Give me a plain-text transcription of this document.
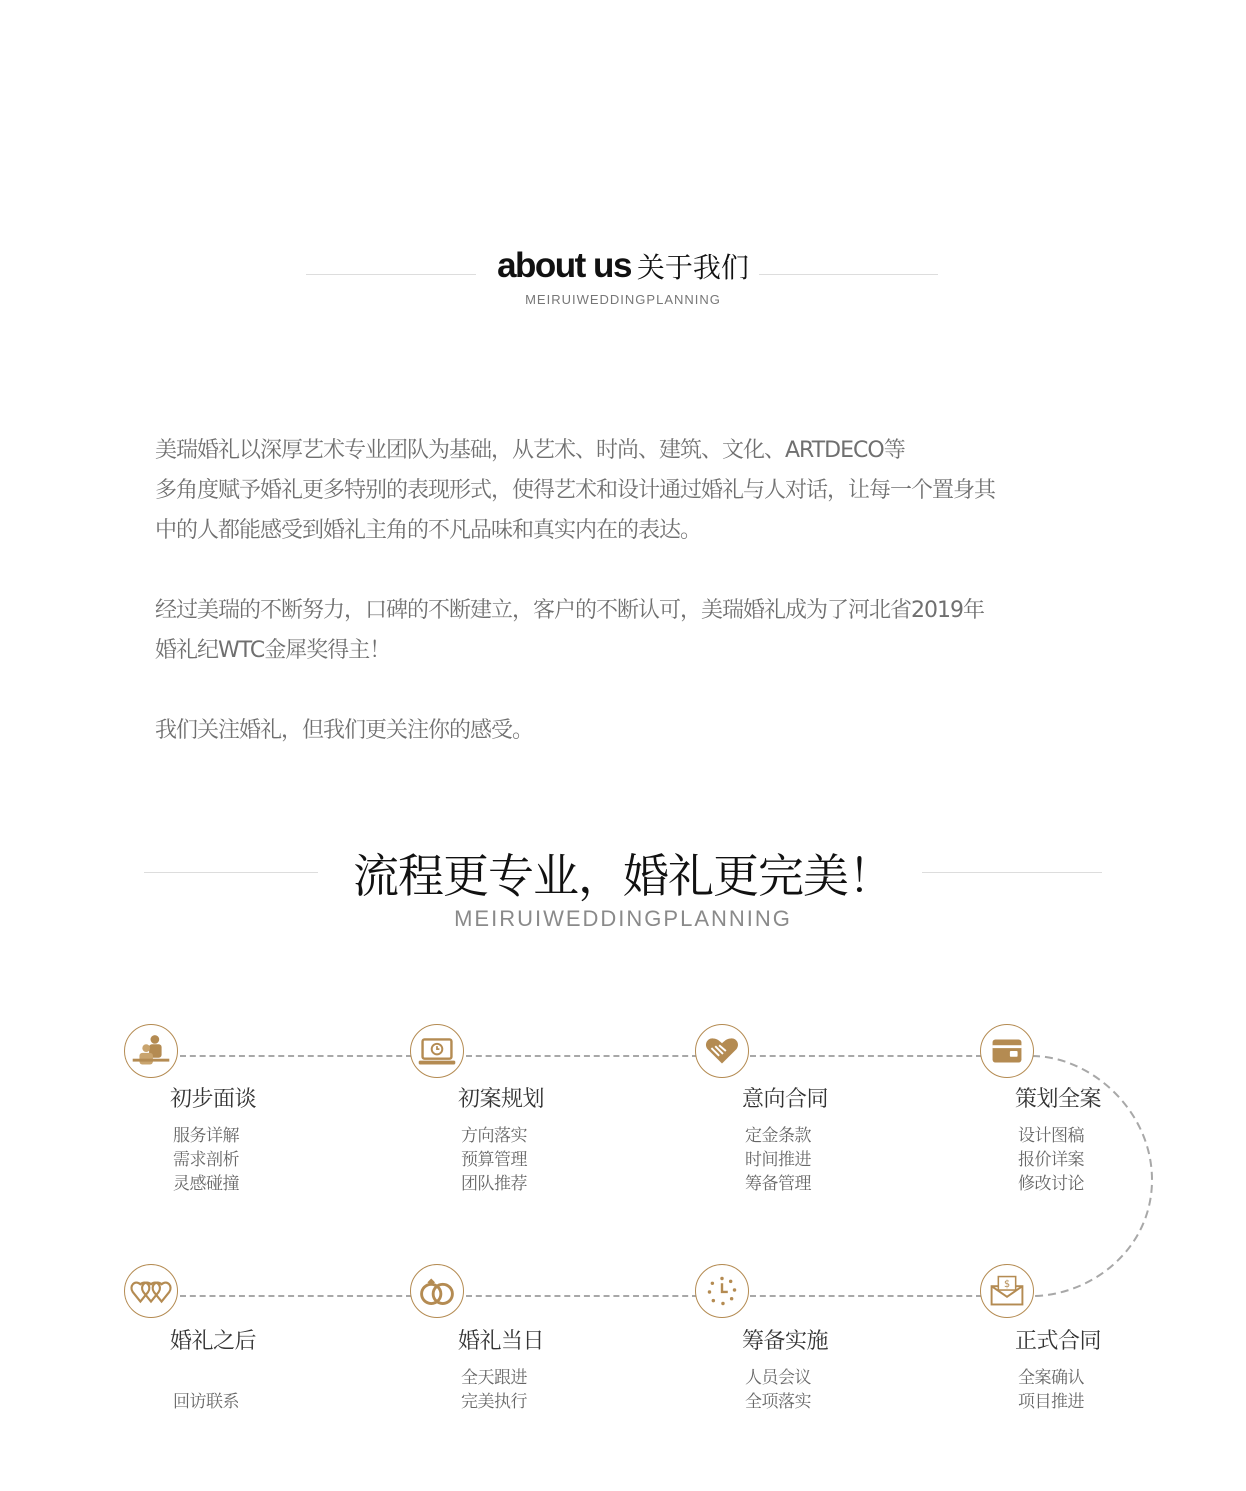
about us 关于我们
MEIRUIWEDDINGPLANNING

美瑞婚礼以深厚艺术专业团队为基础，从艺术、时尚、建筑、文化、ARTDECO等
多角度赋予婚礼更多特别的表现形式，使得艺术和设计通过婚礼与人对话，让每一个置身其
中的人都能感受到婚礼主角的不凡品味和真实内在的表达。

经过美瑞的不断努力，口碑的不断建立，客户的不断认可，美瑞婚礼成为了河北省2019年
婚礼纪WTC金犀奖得主！

我们关注婚礼，但我们更关注你的感受。

流程更专业，婚礼更完美！
MEIRUIWEDDINGPLANNING
初步面谈
服务详解
需求剖析
灵感碰撞
初案规划
方向落实
预算管理
团队推荐
意向合同
定金条款
时间推进
筹备管理
策划全案
设计图稿
报价详案
修改讨论
$
婚礼之后
回访联系
婚礼当日
全天跟进
完美执行
筹备实施
人员会议
全项落实
正式合同
全案确认
项目推进
